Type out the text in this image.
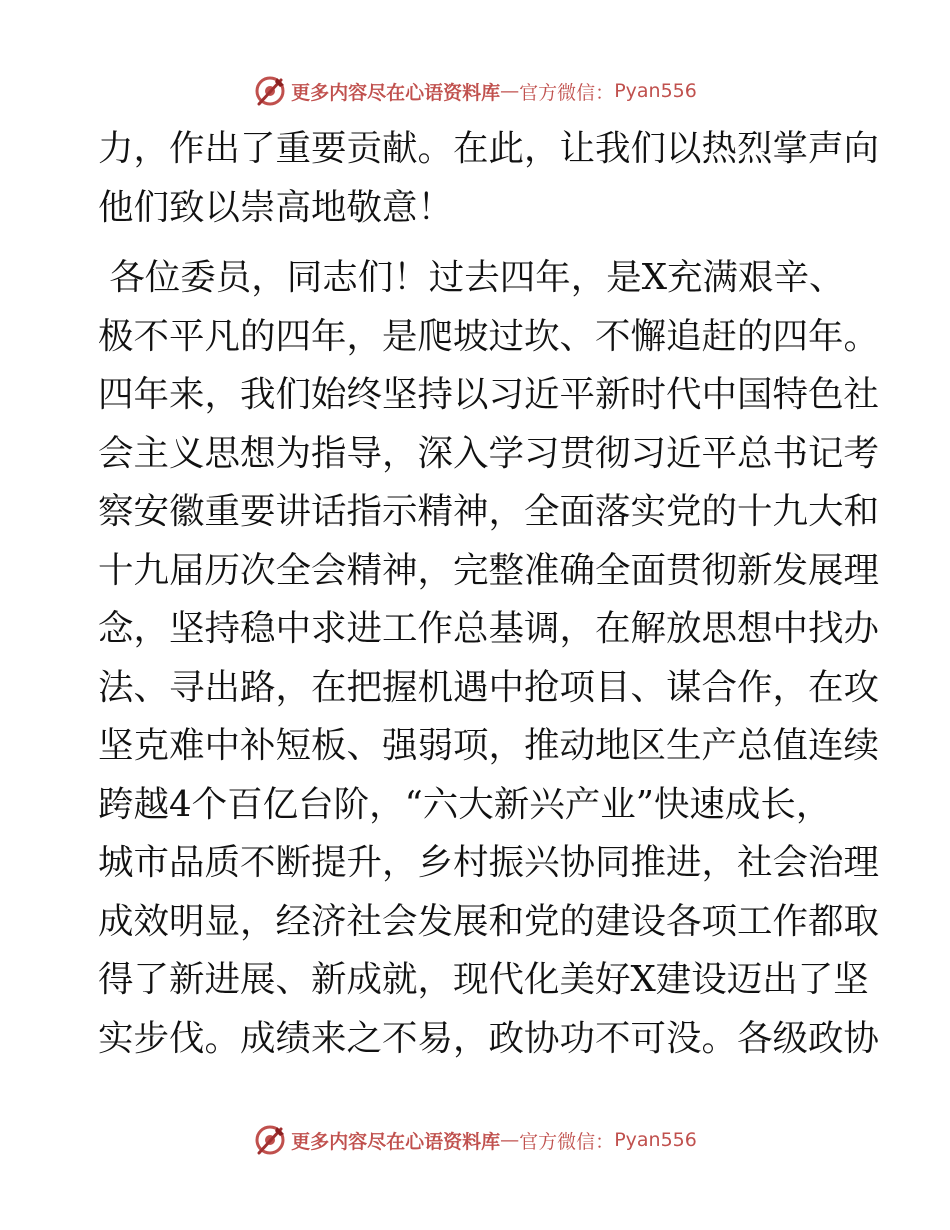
更多内容尽在心语资料库 — 官方微信： Pyan556
力，作出了重要贡献。在此，让我们以热烈掌声向
他们致以崇高地敬意！
各位委员，同志们！过去四年，是X充满艰辛、
极不平凡的四年，是爬坡过坎、不懈追赶的四年。
四年来，我们始终坚持以习近平新时代中国特色社
会主义思想为指导，深入学习贯彻习近平总书记考
察安徽重要讲话指示精神，全面落实党的十九大和
十九届历次全会精神，完整准确全面贯彻新发展理
念，坚持稳中求进工作总基调，在解放思想中找办
法、寻出路，在把握机遇中抢项目、谋合作，在攻
坚克难中补短板、强弱项，推动地区生产总值连续
跨越4个百亿台阶，“六大新兴产业”快速成长，
城市品质不断提升，乡村振兴协同推进，社会治理
成效明显，经济社会发展和党的建设各项工作都取
得了新进展、新成就，现代化美好X建设迈出了坚
实步伐。成绩来之不易，政协功不可没。各级政协
更多内容尽在心语资料库 — 官方微信： Pyan556
